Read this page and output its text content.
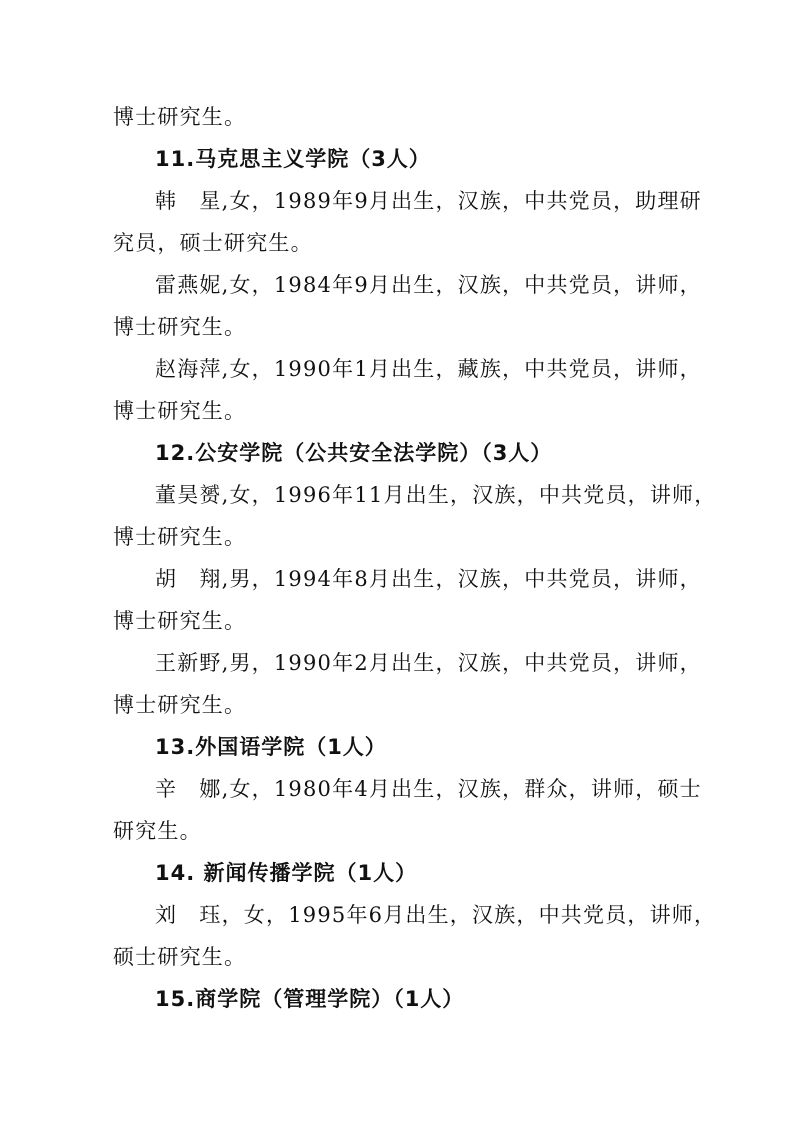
博士研究生。
11.马克思主义学院（3人）
韩　星,女，1989年9月出生，汉族，中共党员，助理研
究员，硕士研究生。
雷燕妮,女，1984年9月出生，汉族，中共党员，讲师，
博士研究生。
赵海萍,女，1990年1月出生，藏族，中共党员，讲师，
博士研究生。
12.公安学院（公共安全法学院）（3人）
董昊赟,女，1996年11月出生，汉族，中共党员，讲师，
博士研究生。
胡　翔,男，1994年8月出生，汉族，中共党员，讲师，
博士研究生。
王新野,男，1990年2月出生，汉族，中共党员，讲师，
博士研究生。
13.外国语学院（1人）
辛　娜,女，1980年4月出生，汉族，群众，讲师，硕士
研究生。
14. 新闻传播学院（1人）
刘　珏，女，1995年6月出生，汉族，中共党员，讲师，
硕士研究生。
15.商学院（管理学院）（1人）
